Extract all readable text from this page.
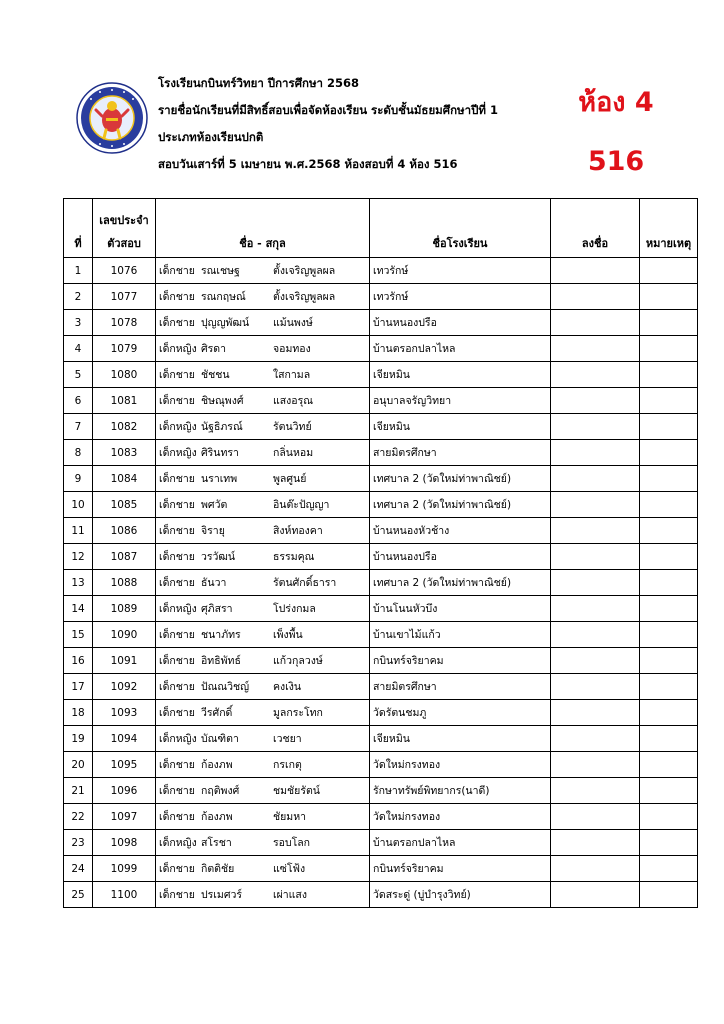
โรงเรียนกบินทร์วิทยา ปีการศึกษา 2568
รายชื่อนักเรียนที่มีสิทธิ์สอบเพื่อจัดห้องเรียน ระดับชั้นมัธยมศึกษาปีที่ 1
ประเภทห้องเรียนปกติ
สอบวันเสาร์ที่ 5 เมษายน พ.ศ.2568 ห้องสอบที่ 4 ห้อง 516
ห้อง 4
516
ที่	เลขประจำ
ตัวสอบ	ชื่อ - สกุล	ชื่อโรงเรียน	ลงชื่อ	หมายเหตุ
1	1076	เด็กชาย รณเชษฐ ตั้งเจริญพูลผล	เทวรักษ์		
2	1077	เด็กชาย รณกฤษณ์ ตั้งเจริญพูลผล	เทวรักษ์		
3	1078	เด็กชาย ปุญญพัฒน์ แม้นพงษ์	บ้านหนองปรือ		
4	1079	เด็กหญิง ศิรดา จอมทอง	บ้านตรอกปลาไหล		
5	1080	เด็กชาย ชัชชน ใสกามล	เจียหมิน		
6	1081	เด็กชาย ชิษณุพงศ์ แสงอรุณ	อนุบาลจรัญวิทยา		
7	1082	เด็กหญิง นัฐธิภรณ์ รัตนวิทย์	เจียหมิน		
8	1083	เด็กหญิง ศิรินทรา กลิ่นหอม	สายมิตรศึกษา		
9	1084	เด็กชาย นราเทพ พูลศูนย์	เทศบาล 2 (วัดใหม่ท่าพาณิชย์)		
10	1085	เด็กชาย พศวัต อินต๊ะปัญญา	เทศบาล 2 (วัดใหม่ท่าพาณิชย์)		
11	1086	เด็กชาย จิรายุ สิงห์ทองคา	บ้านหนองหัวช้าง		
12	1087	เด็กชาย วรวัฒน์ ธรรมคุณ	บ้านหนองปรือ		
13	1088	เด็กชาย ธันวา รัตนศักดิ์ธารา	เทศบาล 2 (วัดใหม่ท่าพาณิชย์)		
14	1089	เด็กหญิง ศุภิสรา โปร่งกมล	บ้านโนนหัวบึง		
15	1090	เด็กชาย ชนาภัทร เพ็งพื้น	บ้านเขาไม้แก้ว		
16	1091	เด็กชาย อิทธิพัทธ์ แก้วกุลวงษ์	กบินทร์จริยาคม		
17	1092	เด็กชาย ปัณณวิชญ์ คงเงิน	สายมิตรศึกษา		
18	1093	เด็กชาย วีรศักดิ์ มูลกระโทก	วัดรัตนชมภู		
19	1094	เด็กหญิง บัณฑิตา เวชยา	เจียหมิน		
20	1095	เด็กชาย ก้องภพ กรเกตุ	วัดใหม่กรงทอง		
21	1096	เด็กชาย กฤติพงศ์ ชมชัยรัตน์	รักษาทรัพย์พิทยากร(นาดี)		
22	1097	เด็กชาย ก้องภพ ชัยมหา	วัดใหม่กรงทอง		
23	1098	เด็กหญิง สโรชา รอบโลก	บ้านตรอกปลาไหล		
24	1099	เด็กชาย กิตติชัย แซ่โฟ้ง	กบินทร์จริยาคม		
25	1100	เด็กชาย ปรเมศวร์ เผ่าแสง	วัดสระดู่ (บู่บำรุงวิทย์)		
